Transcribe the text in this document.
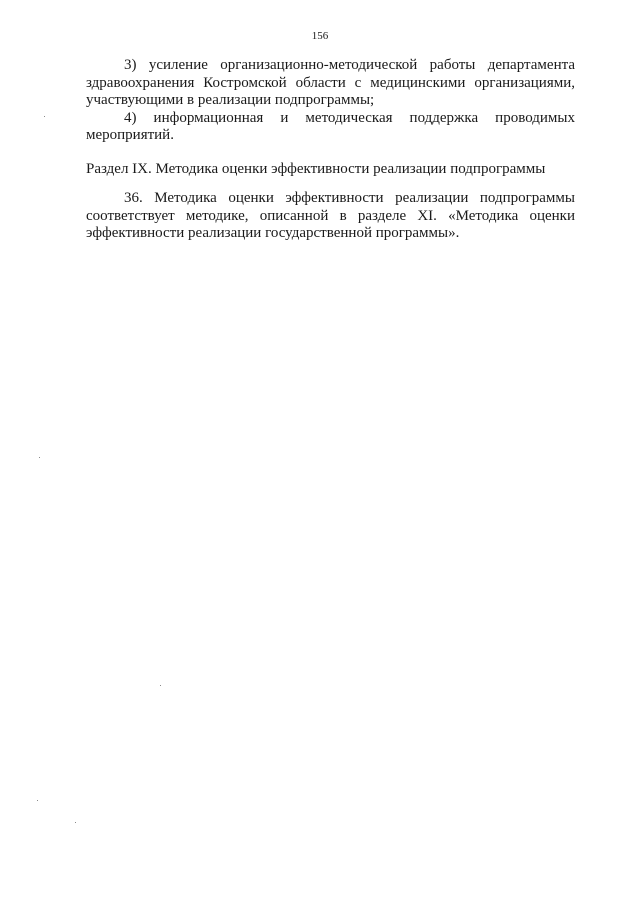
156

3) усиление организационно-методической работы департамента здравоохранения Костромской области с медицинскими организациями, участвующими в реализации подпрограммы;

4) информационная и методическая поддержка проводимых мероприятий.

Раздел IX. Методика оценки эффективности реализации подпрограммы

36. Методика оценки эффективности реализации подпрограммы соответствует методике, описанной в разделе XI. «Методика оценки эффективности реализации государственной программы».
